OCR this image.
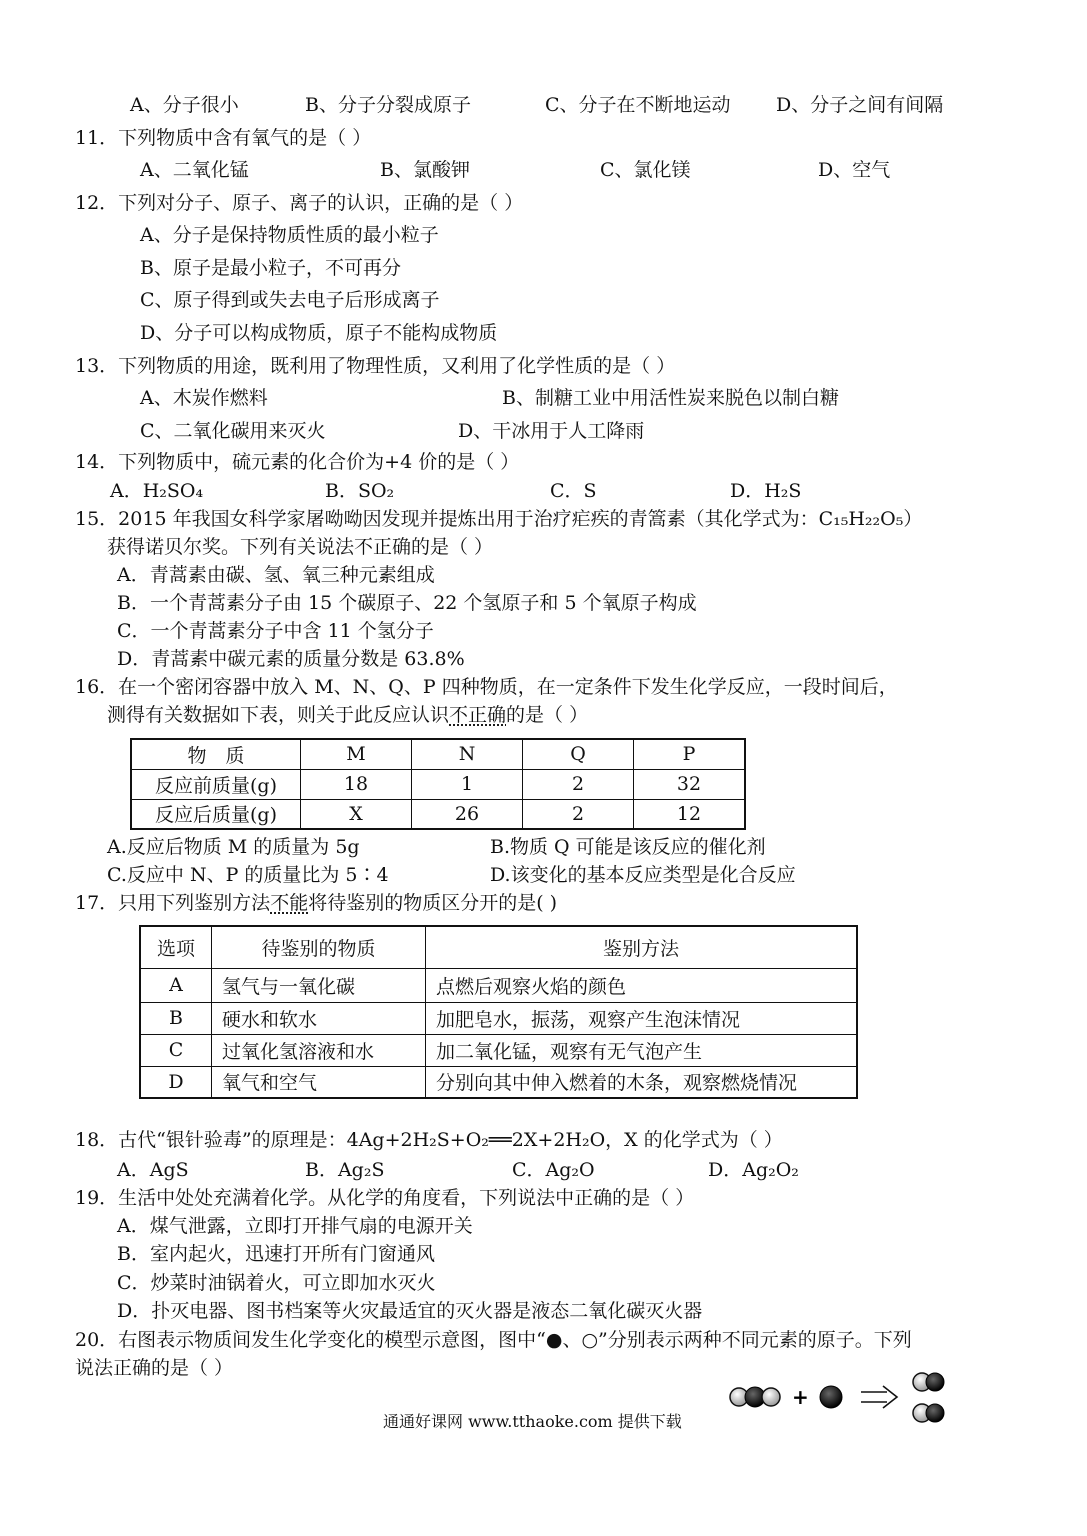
A、分子很小	B、分子分裂成原子	C、分子在不断地运动 D、分子之间有间隔
11．下列物质中含有氧气的是（ ）
A、二氧化锰	B、氯酸钾	C、氯化镁	D、空气
12．下列对分子、原子、离子的认识，正确的是（ ）
A、分子是保持物质性质的最小粒子
B、原子是最小粒子，不可再分
C、原子得到或失去电子后形成离子
D、分子可以构成物质，原子不能构成物质
13．下列物质的用途，既利用了物理性质，又利用了化学性质的是（ ）
A、木炭作燃料	B、制糖工业中用活性炭来脱色以制白糖
C、二氧化碳用来灭火	D、干冰用于人工降雨
14．下列物质中，硫元素的化合价为+4 价的是（ ）
A．H₂SO₄	B．SO₂	C．S	D．H₂S
15．2015 年我国女科学家屠呦呦因发现并提炼出用于治疗疟疾的青篙素（其化学式为：C₁₅H₂₂O₅）
获得诺贝尔奖。下列有关说法不正确的是（ ）
A．青蒿素由碳、氢、氧三种元素组成
B．一个青蒿素分子由 15 个碳原子、22 个氢原子和 5 个氧原子构成
C．一个青蒿素分子中含 11 个氢分子
D．青蒿素中碳元素的质量分数是 63.8%
16．在一个密闭容器中放入 M、N、Q、P 四种物质，在一定条件下发生化学反应，一段时间后，
测得有关数据如下表，则关于此反应认识不正确的是（ ）
物　质	M	N	Q	P
反应前质量(g)	18	1	2	32
反应后质量(g)	X	26	2	12
A.反应后物质 M 的质量为 5g	B.物质 Q 可能是该反应的催化剂
C.反应中 N、P 的质量比为 5∶4	D.该变化的基本反应类型是化合反应
17．只用下列鉴别方法不能将待鉴别的物质区分开的是( )
选项	待鉴别的物质	鉴别方法
A	氢气与一氧化碳	点燃后观察火焰的颜色
B	硬水和软水	加肥皂水，振荡，观察产生泡沫情况
C	过氧化氢溶液和水	加二氧化锰，观察有无气泡产生
D	氧气和空气	分别向其中伸入燃着的木条，观察燃烧情况
18．古代“银针验毒”的原理是：4Ag+2H₂S+O₂══2X+2H₂O，X 的化学式为（ ）
A．AgS	B．Ag₂S	C．Ag₂O	D．Ag₂O₂
19．生活中处处充满着化学。从化学的角度看，下列说法中正确的是（ ）
A．煤气泄露，立即打开排气扇的电源开关
B．室内起火，迅速打开所有门窗通风
C．炒菜时油锅着火，可立即加水灭火
D．扑灭电器、图书档案等火灾最适宜的灭火器是液态二氧化碳灭火器
20．右图表示物质间发生化学变化的模型示意图，图中“●、○”分别表示两种不同元素的原子。下列
说法正确的是（ ）
+
通通好课网 www.tthaoke.com 提供下载
